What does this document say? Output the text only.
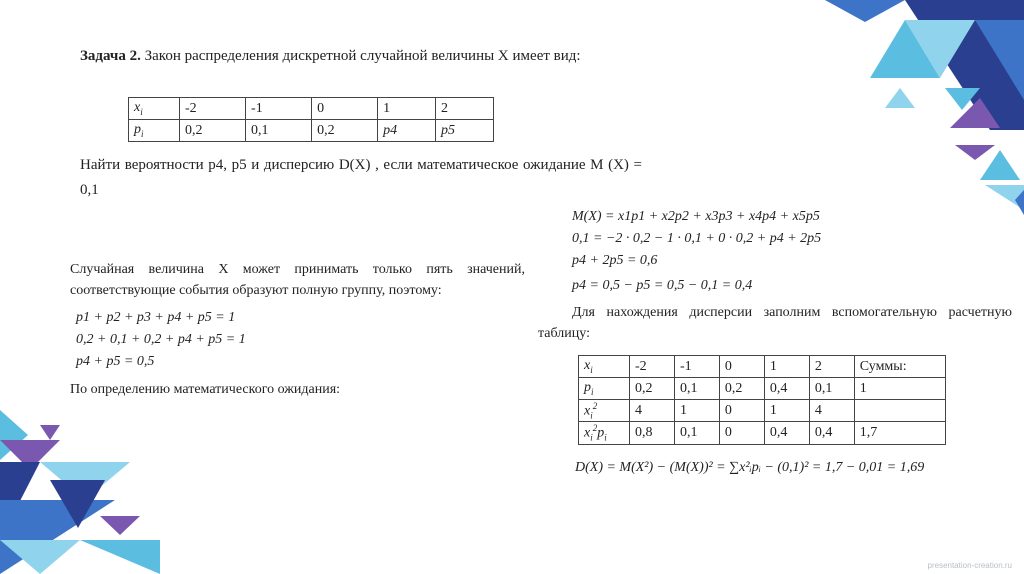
Задача 2. Закон распределения дискретной случайной величины X имеет вид:
$x_i$	-2	-1	0	1	2
$p_i$	0,2	0,1	0,2	p4	p5
Найти вероятности p4, p5 и дисперсию D(X) , если математическое ожидание M (X) = 0,1
Случайная величина X может принимать только пять значений, соответствующие события образуют полную группу, поэтому:
p1 + p2 + p3 + p4 + p5 = 1
0,2 + 0,1 + 0,2 + p4 + p5 = 1
p4 + p5 = 0,5
По определению математического ожидания:
M(X) = x1p1 + x2p2 + x3p3 + x4p4 + x5p5
0,1 = −2 · 0,2 − 1 · 0,1 + 0 · 0,2 + p4 + 2p5
p4 + 2p5 = 0,6
p4 = 0,5 − p5 = 0,5 − 0,1 = 0,4
Для нахождения дисперсии заполним вспомогательную расчетную таблицу:
$x_i$	-2	-1	0	1	2	Суммы:
$p_i$	0,2	0,1	0,2	0,4	0,1	1
$x_i^2$	4	1	0	1	4	
$x_i^2p_i$	0,8	0,1	0	0,4	0,4	1,7
D(X) = M(X²) − (M(X))² = ∑x²ᵢpᵢ − (0,1)² = 1,7 − 0,01 = 1,69
presentation-creation.ru
